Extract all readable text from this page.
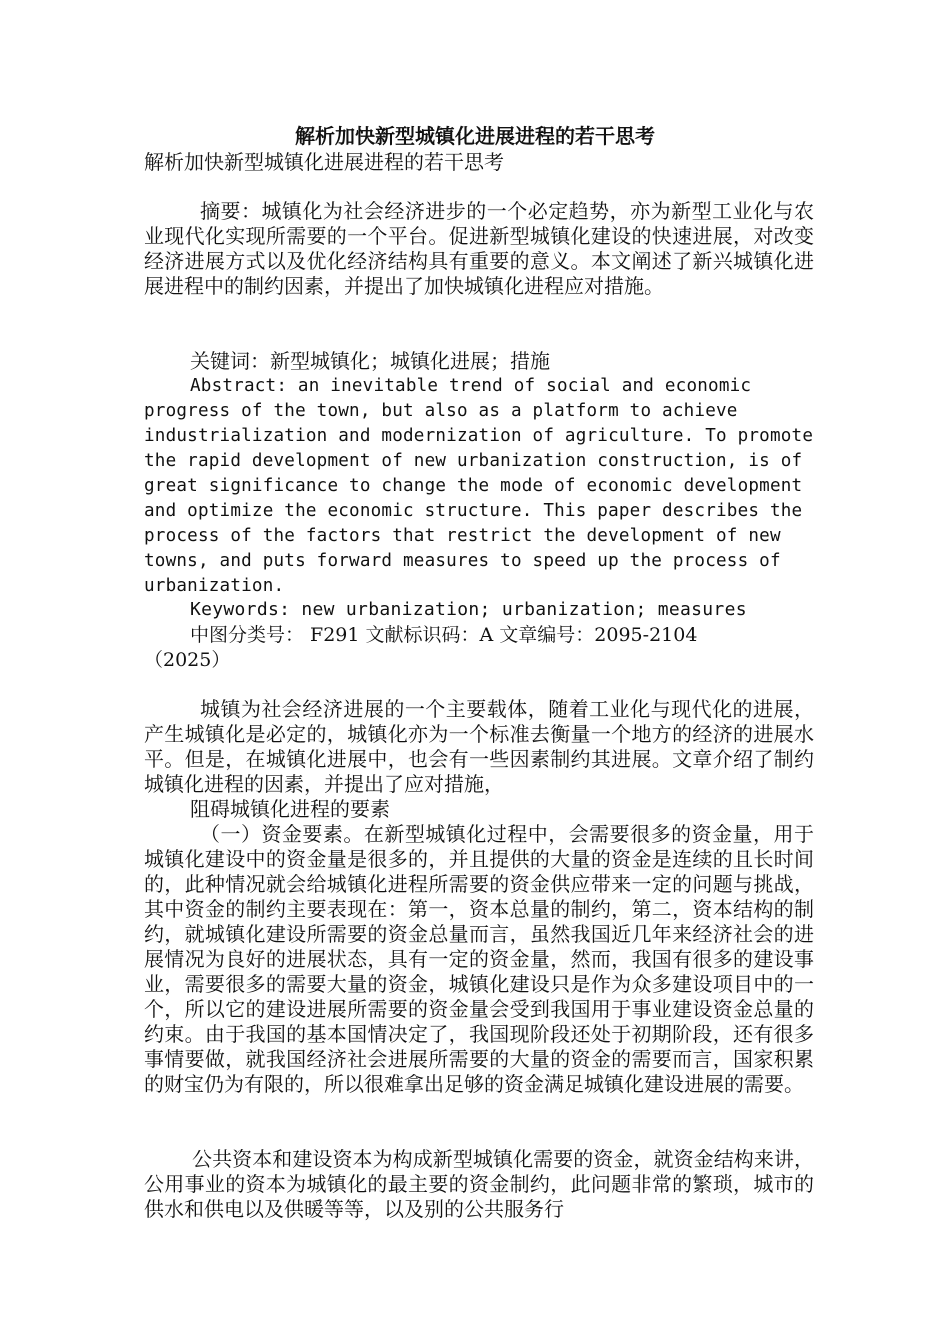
解析加快新型城镇化进展进程的若干思考
解析加快新型城镇化进展进程的若干思考

摘要：城镇化为社会经济进步的一个必定趋势，亦为新型工业化与农业现代化实现所需要的一个平台。促进新型城镇化建设的快速进展，对改变经济进展方式以及优化经济结构具有重要的意义。本文阐述了新兴城镇化进展进程中的制约因素，并提出了加快城镇化进程应对措施。

关键词：新型城镇化；城镇化进展；措施

Abstract: an inevitable trend of social and economic progress of the town, but also as a platform to achieve industrialization and modernization of agriculture. To promote the rapid development of new urbanization construction, is of great significance to change the mode of economic development and optimize the economic structure. This paper describes the process of the factors that restrict the development of new towns, and puts forward measures to speed up the process of urbanization.

Keywords: new urbanization; urbanization; measures

中图分类号： F291 文献标识码：A 文章编号：2095-2104（2025）

城镇为社会经济进展的一个主要载体，随着工业化与现代化的进展，产生城镇化是必定的，城镇化亦为一个标准去衡量一个地方的经济的进展水平。但是，在城镇化进展中，也会有一些因素制约其进展。文章介绍了制约城镇化进程的因素，并提出了应对措施，

阻碍城镇化进程的要素

（一）资金要素。在新型城镇化过程中，会需要很多的资金量，用于城镇化建设中的资金量是很多的，并且提供的大量的资金是连续的且长时间的，此种情况就会给城镇化进程所需要的资金供应带来一定的问题与挑战，其中资金的制约主要表现在：第一，资本总量的制约，第二，资本结构的制约，就城镇化建设所需要的资金总量而言，虽然我国近几年来经济社会的进展情况为良好的进展状态，具有一定的资金量，然而，我国有很多的建设事业，需要很多的需要大量的资金，城镇化建设只是作为众多建设项目中的一个，所以它的建设进展所需要的资金量会受到我国用于事业建设资金总量的约束。由于我国的基本国情决定了，我国现阶段还处于初期阶段，还有很多事情要做，就我国经济社会进展所需要的大量的资金的需要而言，国家积累的财宝仍为有限的，所以很难拿出足够的资金满足城镇化建设进展的需要。

公共资本和建设资本为构成新型城镇化需要的资金，就资金结构来讲，公用事业的资本为城镇化的最主要的资金制约，此问题非常的繁琐，城市的供水和供电以及供暖等等，以及别的公共服务行
